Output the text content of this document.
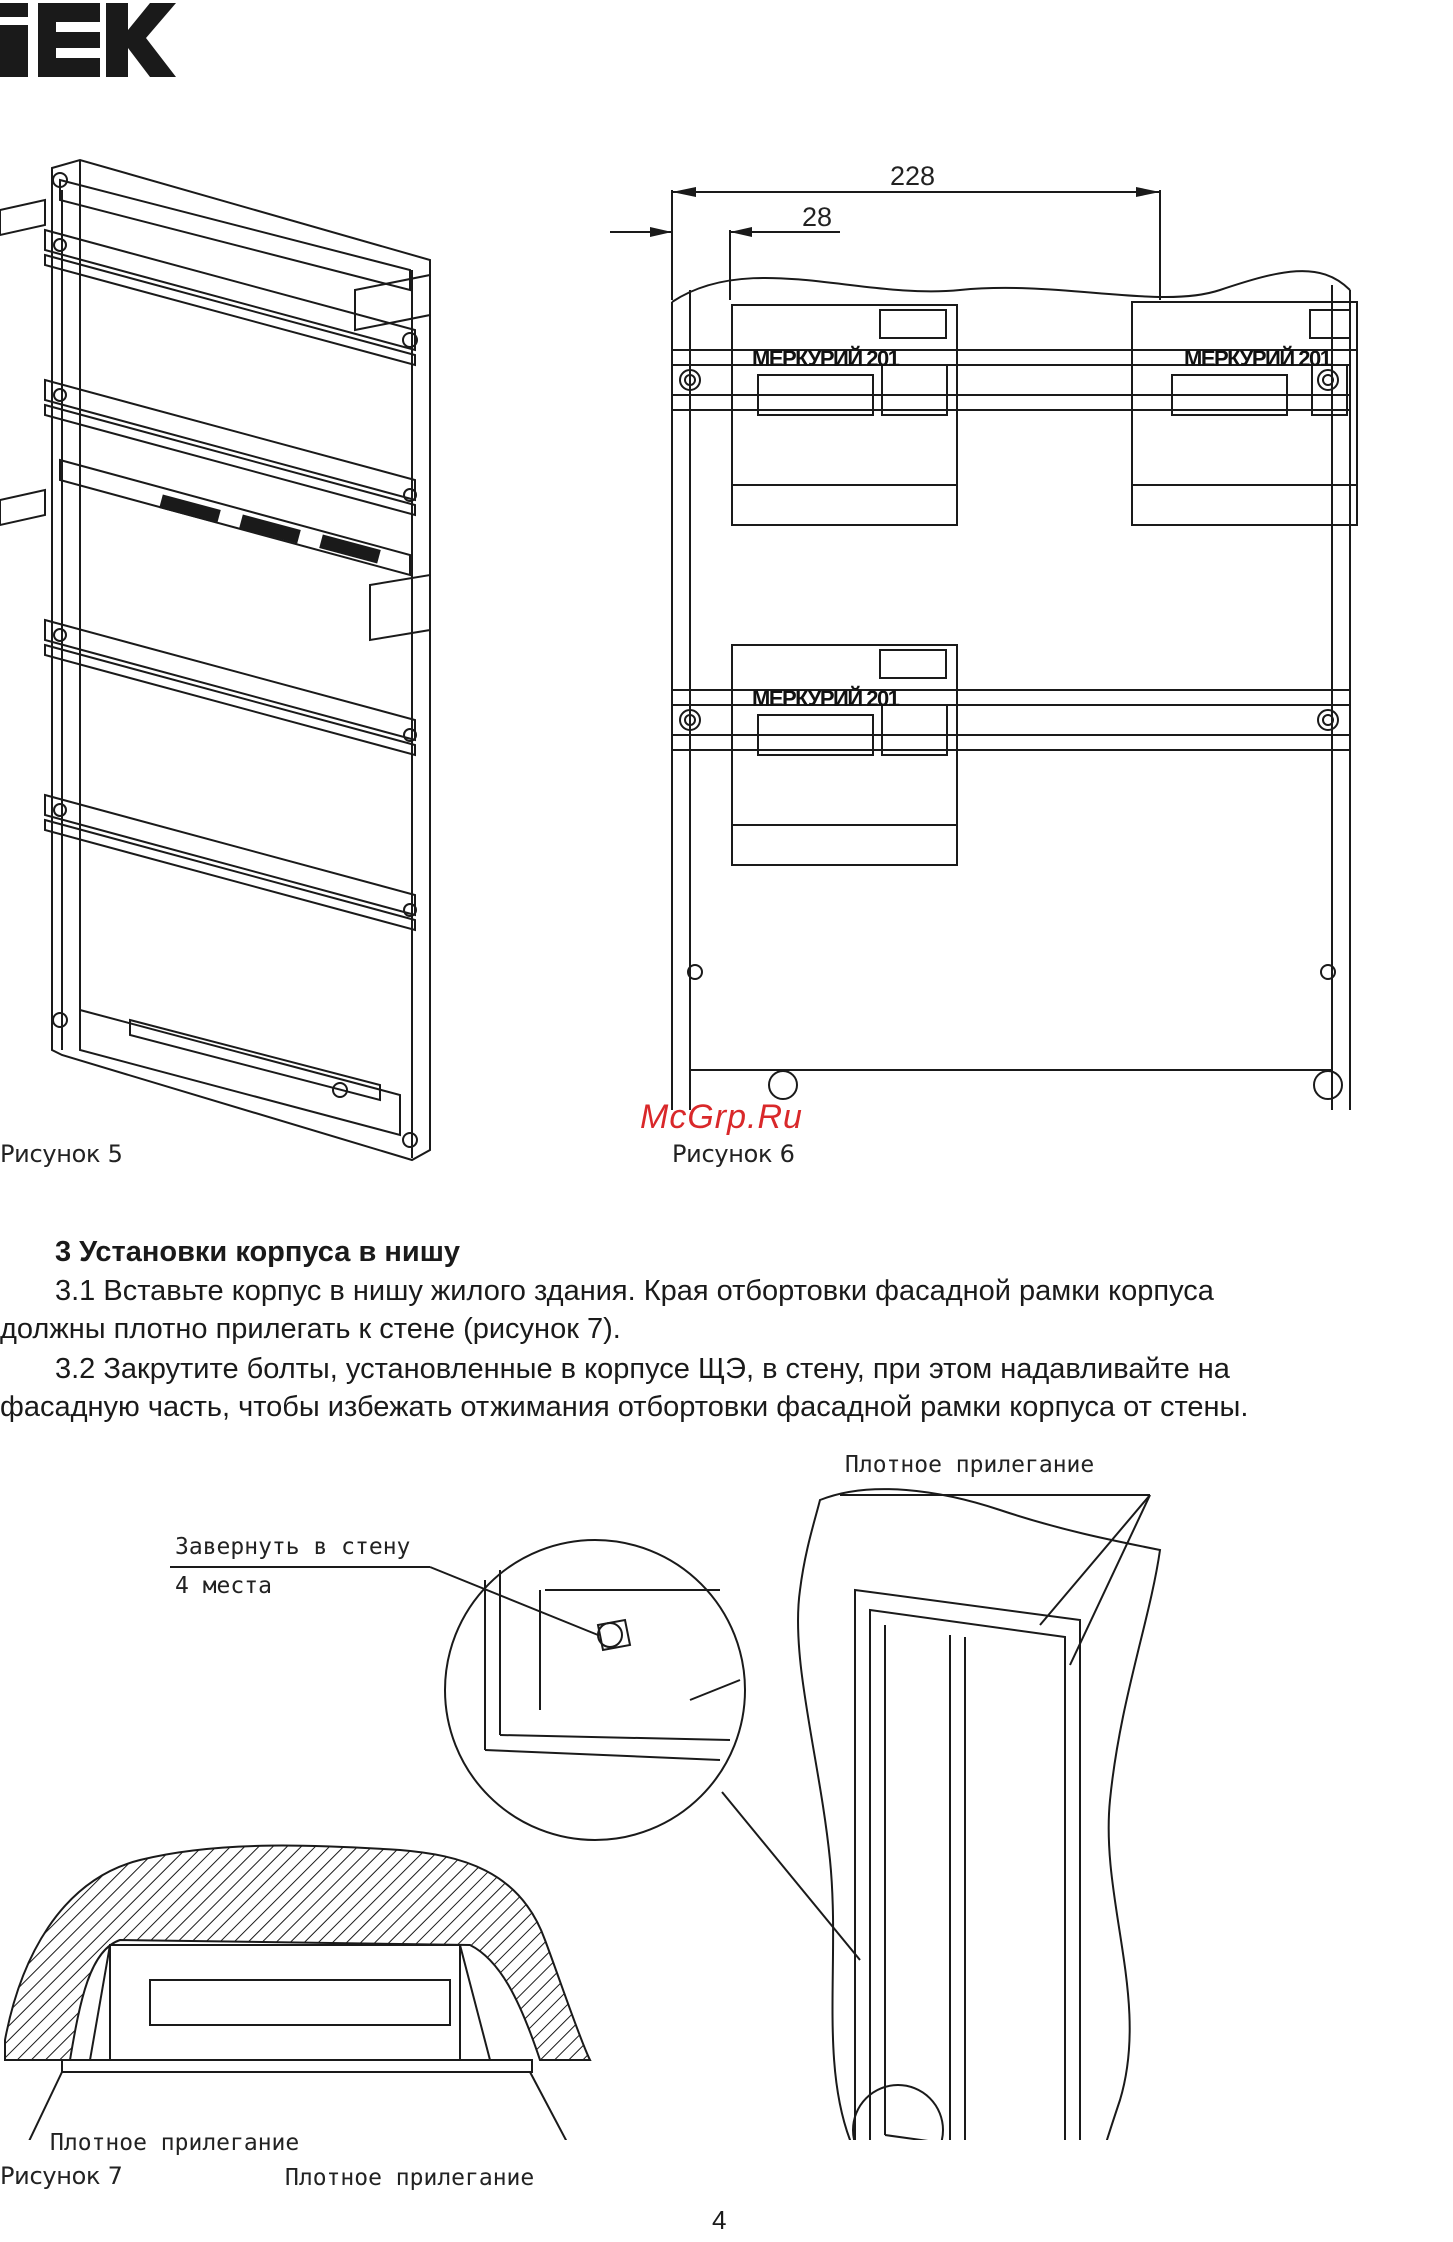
Рисунок 5
228
28
МЕРКУРИЙ 201	МЕРКУРИЙ 201
МЕРКУРИЙ 201
McGrp.Ru
Рисунок 6
3 Установки корпуса в нишу
3.1 Вставьте корпус в нишу жилого здания. Края отбортовки фасадной рамки корпуса
должны плотно прилегать к стене (рисунок 7).
3.2 Закрутите болты, установленные в корпусе ЩЭ, в стену, при этом надавливайте на
фасадную часть, чтобы избежать отжимания отбортовки фасадной рамки корпуса от стены.
Завернуть в стену
4 места
Плотное прилегание
Плотное прилегание
Плотное прилегание
Рисунок 7
4
